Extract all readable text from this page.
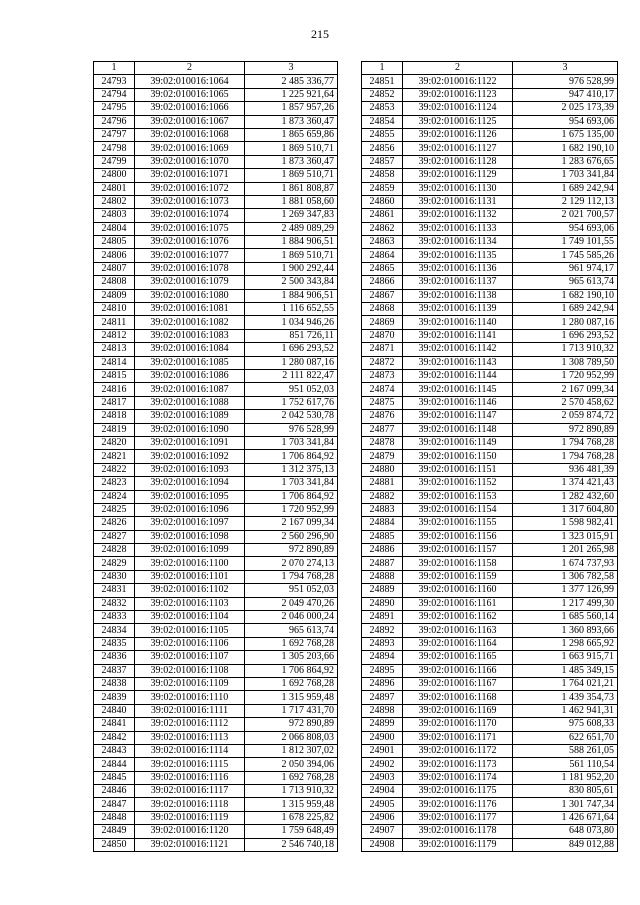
215
1	2	3
24793	39:02:010016:1064	2 485 336,77
24794	39:02:010016:1065	1 225 921,64
24795	39:02:010016:1066	1 857 957,26
24796	39:02:010016:1067	1 873 360,47
24797	39:02:010016:1068	1 865 659,86
24798	39:02:010016:1069	1 869 510,71
24799	39:02:010016:1070	1 873 360,47
24800	39:02:010016:1071	1 869 510,71
24801	39:02:010016:1072	1 861 808,87
24802	39:02:010016:1073	1 881 058,60
24803	39:02:010016:1074	1 269 347,83
24804	39:02:010016:1075	2 489 089,29
24805	39:02:010016:1076	1 884 906,51
24806	39:02:010016:1077	1 869 510,71
24807	39:02:010016:1078	1 900 292,44
24808	39:02:010016:1079	2 500 343,84
24809	39:02:010016:1080	1 884 906,51
24810	39:02:010016:1081	1 116 652,55
24811	39:02:010016:1082	1 034 946,26
24812	39:02:010016:1083	851 726,11
24813	39:02:010016:1084	1 696 293,52
24814	39:02:010016:1085	1 280 087,16
24815	39:02:010016:1086	2 111 822,47
24816	39:02:010016:1087	951 052,03
24817	39:02:010016:1088	1 752 617,76
24818	39:02:010016:1089	2 042 530,78
24819	39:02:010016:1090	976 528,99
24820	39:02:010016:1091	1 703 341,84
24821	39:02:010016:1092	1 706 864,92
24822	39:02:010016:1093	1 312 375,13
24823	39:02:010016:1094	1 703 341,84
24824	39:02:010016:1095	1 706 864,92
24825	39:02:010016:1096	1 720 952,99
24826	39:02:010016:1097	2 167 099,34
24827	39:02:010016:1098	2 560 296,90
24828	39:02:010016:1099	972 890,89
24829	39:02:010016:1100	2 070 274,13
24830	39:02:010016:1101	1 794 768,28
24831	39:02:010016:1102	951 052,03
24832	39:02:010016:1103	2 049 470,26
24833	39:02:010016:1104	2 046 000,24
24834	39:02:010016:1105	965 613,74
24835	39:02:010016:1106	1 692 768,28
24836	39:02:010016:1107	1 305 203,66
24837	39:02:010016:1108	1 706 864,92
24838	39:02:010016:1109	1 692 768,28
24839	39:02:010016:1110	1 315 959,48
24840	39:02:010016:1111	1 717 431,70
24841	39:02:010016:1112	972 890,89
24842	39:02:010016:1113	2 066 808,03
24843	39:02:010016:1114	1 812 307,02
24844	39:02:010016:1115	2 050 394,06
24845	39:02:010016:1116	1 692 768,28
24846	39:02:010016:1117	1 713 910,32
24847	39:02:010016:1118	1 315 959,48
24848	39:02:010016:1119	1 678 225,82
24849	39:02:010016:1120	1 759 648,49
24850	39:02:010016:1121	2 546 740,18
1	2	3
24851	39:02:010016:1122	976 528,99
24852	39:02:010016:1123	947 410,17
24853	39:02:010016:1124	2 025 173,39
24854	39:02:010016:1125	954 693,06
24855	39:02:010016:1126	1 675 135,00
24856	39:02:010016:1127	1 682 190,10
24857	39:02:010016:1128	1 283 676,65
24858	39:02:010016:1129	1 703 341,84
24859	39:02:010016:1130	1 689 242,94
24860	39:02:010016:1131	2 129 112,13
24861	39:02:010016:1132	2 021 700,57
24862	39:02:010016:1133	954 693,06
24863	39:02:010016:1134	1 749 101,55
24864	39:02:010016:1135	1 745 585,26
24865	39:02:010016:1136	961 974,17
24866	39:02:010016:1137	965 613,74
24867	39:02:010016:1138	1 682 190,10
24868	39:02:010016:1139	1 689 242,94
24869	39:02:010016:1140	1 280 087,16
24870	39:02:010016:1141	1 696 293,52
24871	39:02:010016:1142	1 713 910,32
24872	39:02:010016:1143	1 308 789,50
24873	39:02:010016:1144	1 720 952,99
24874	39:02:010016:1145	2 167 099,34
24875	39:02:010016:1146	2 570 458,62
24876	39:02:010016:1147	2 059 874,72
24877	39:02:010016:1148	972 890,89
24878	39:02:010016:1149	1 794 768,28
24879	39:02:010016:1150	1 794 768,28
24880	39:02:010016:1151	936 481,39
24881	39:02:010016:1152	1 374 421,43
24882	39:02:010016:1153	1 282 432,60
24883	39:02:010016:1154	1 317 604,80
24884	39:02:010016:1155	1 598 982,41
24885	39:02:010016:1156	1 323 015,91
24886	39:02:010016:1157	1 201 265,98
24887	39:02:010016:1158	1 674 737,93
24888	39:02:010016:1159	1 306 782,58
24889	39:02:010016:1160	1 377 126,99
24890	39:02:010016:1161	1 217 499,30
24891	39:02:010016:1162	1 685 560,14
24892	39:02:010016:1163	1 360 893,66
24893	39:02:010016:1164	1 298 665,92
24894	39:02:010016:1165	1 663 915,71
24895	39:02:010016:1166	1 485 349,15
24896	39:02:010016:1167	1 764 021,21
24897	39:02:010016:1168	1 439 354,73
24898	39:02:010016:1169	1 462 941,31
24899	39:02:010016:1170	975 608,33
24900	39:02:010016:1171	622 651,70
24901	39:02:010016:1172	588 261,05
24902	39:02:010016:1173	561 110,54
24903	39:02:010016:1174	1 181 952,20
24904	39:02:010016:1175	830 805,61
24905	39:02:010016:1176	1 301 747,34
24906	39:02:010016:1177	1 426 671,64
24907	39:02:010016:1178	648 073,80
24908	39:02:010016:1179	849 012,88
